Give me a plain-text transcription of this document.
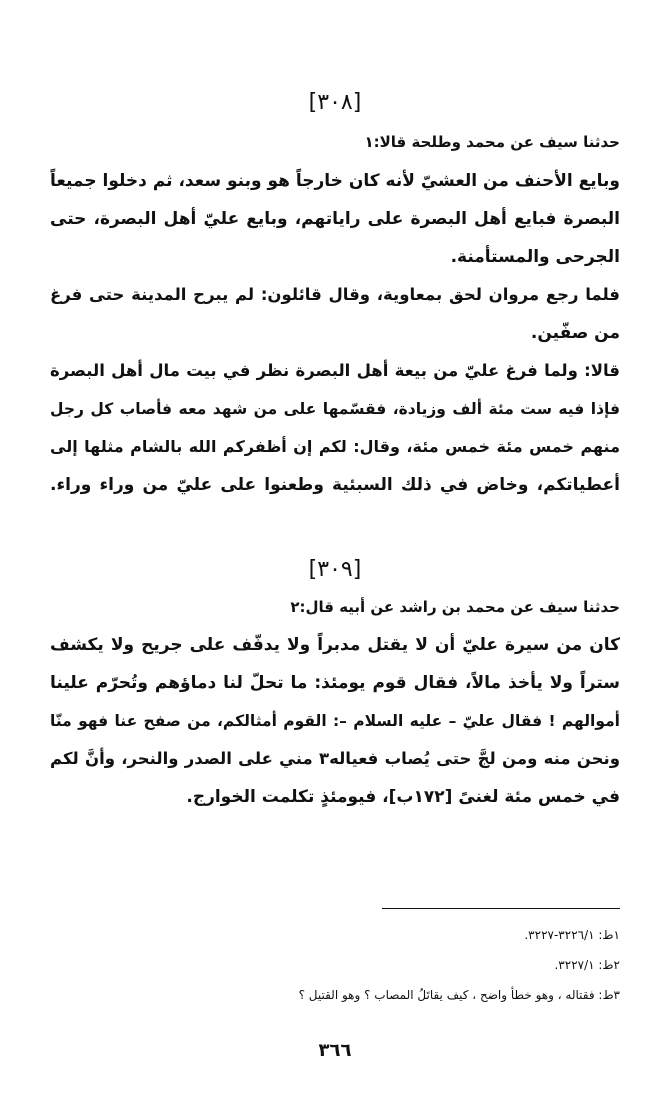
[٣٠٨]
حدثنا سيف عن محمد وطلحة قالا:١
وبايع الأحنف من العشيّ لأنه كان خارجاً هو وبنو سعد، ثم دخلوا جميعاً
البصرة فبايع أهل البصرة على راياتهم، وبايع عليّ أهل البصرة، حتى
الجرحى والمستأمنة.
فلما رجع مروان لحق بمعاوية، وقال قائلون: لم يبرح المدينة حتى فرغ
من صفّين.
قالا: ولما فرغ عليّ من بيعة أهل البصرة نظر في بيت مال أهل البصرة
فإذا فيه ست مئة ألف وزيادة، فقسّمها على من شهد معه فأصاب كل رجل
منهم خمس مئة خمس مئة، وقال: لكم إن أظفركم الله بالشام مثلها إلى
أعطياتكم، وخاض في ذلك السبئية وطعنوا على عليّ من وراء وراء.
[٣٠٩]
حدثنا سيف عن محمد بن راشد عن أبيه قال:٢
كان من سيرة عليّ أن لا يقتل مدبراً ولا يدفّف على جريح ولا يكشف
ستراً ولا يأخذ مالاً، فقال قوم يومئذ: ما تحلّ لنا دماؤهم وتُحرّم علينا
أموالهم ! فقال عليّ – عليه السلام –: القوم أمثالكم، من صفح عنا فهو منّا
ونحن منه ومن لجَّ حتى يُصاب فعياله٣ مني على الصدر والنحر، وأنَّ لكم
في خمس مئة لغنىً [١٧٢ب]، فيومئذٍ تكلمت الخوارج.
١ط: ٣٢٢٦/١-٣٢٢٧.
٢ط: ٣٢٢٧/١.
٣ط: فقتاله ، وهو خطأ واضح ، كيف يقاتَلُ المصاب ؟ وهو القتيل ؟
٣٦٦
